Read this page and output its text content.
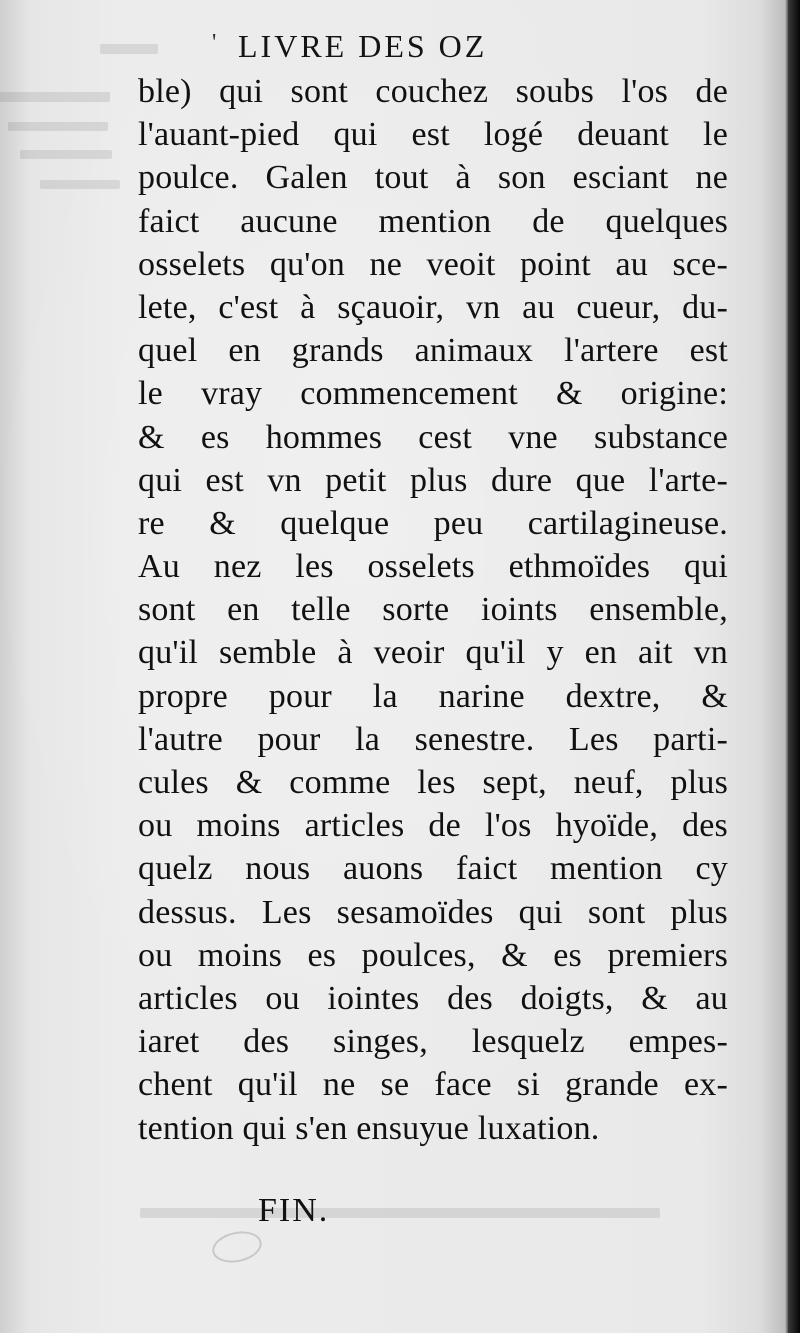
' LIVRE DES OZ
ble) qui sont couchez soubs l'os de
l'auant-pied qui est logé deuant le
poulce. Galen tout à son esciant ne
faict aucune mention de quelques
osselets qu'on ne veoit point au sce-
lete, c'est à sçauoir, vn au cueur, du-
quel en grands animaux l'artere est
le vray commencement & origine:
& es hommes cest vne substance
qui est vn petit plus dure que l'arte-
re & quelque peu cartilagineuse.
Au nez les osselets ethmoïdes qui
sont en telle sorte ioints ensemble,
qu'il semble à veoir qu'il y en ait vn
propre pour la narine dextre, &
l'autre pour la senestre. Les parti-
cules & comme les sept, neuf, plus
ou moins articles de l'os hyoïde, des
quelz nous auons faict mention cy
dessus. Les sesamoïdes qui sont plus
ou moins es poulces, & es premiers
articles ou iointes des doigts, & au
iaret des singes, lesquelz empes-
chent qu'il ne se face si grande ex-
tention qui s'en ensuyue luxation.
FIN.
